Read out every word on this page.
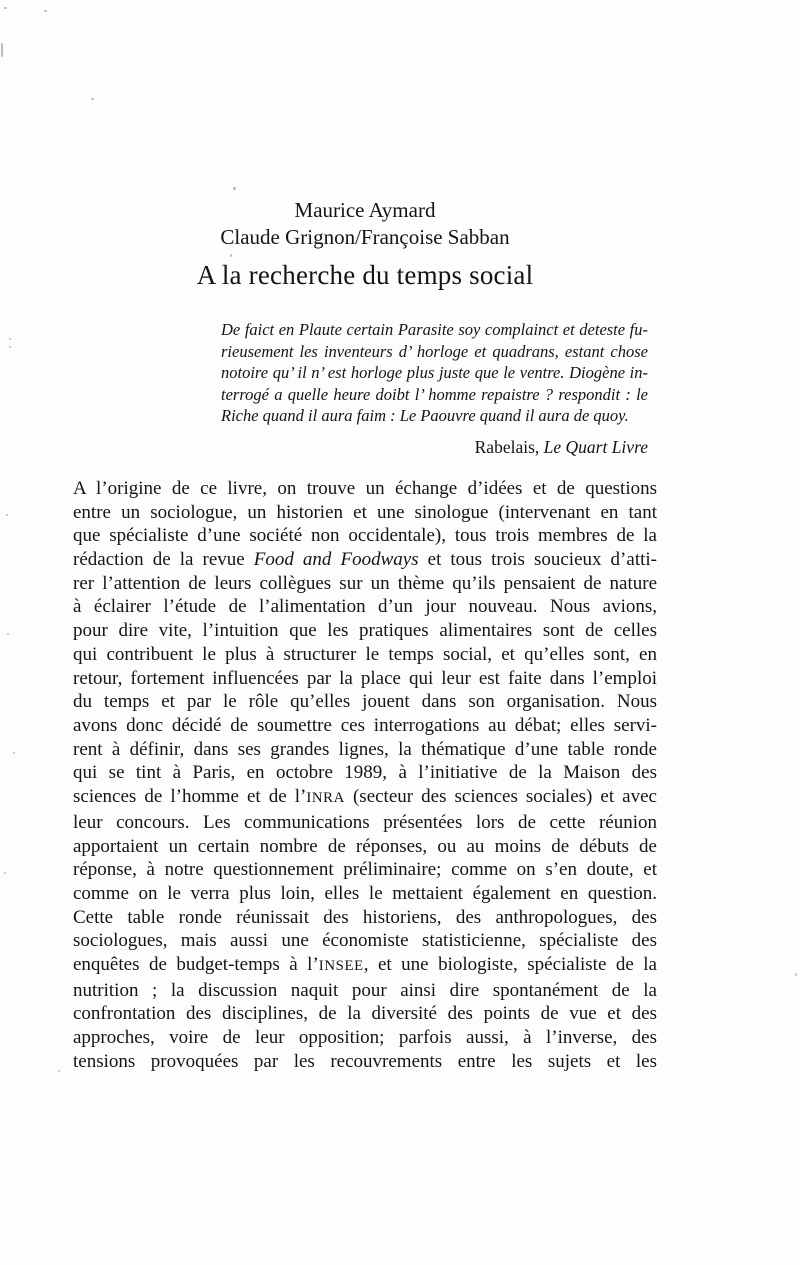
Maurice Aymard
Claude Grignon/Françoise Sabban
A la recherche du temps social
De faict en Plaute certain Parasite soy complainct et deteste fu-
rieusement les inventeurs d’ horloge et quadrans, estant chose
notoire qu’ il n’ est horloge plus juste que le ventre. Diogène in-
terrogé a quelle heure doibt l’ homme repaistre ? respondit : le
Riche quand il aura faim : Le Paouvre quand il aura de quoy.
Rabelais, Le Quart Livre
A l’origine de ce livre, on trouve un échange d’idées et de questions
entre un sociologue, un historien et une sinologue (intervenant en tant
que spécialiste d’une société non occidentale), tous trois membres de la
rédaction de la revue Food and Foodways et tous trois soucieux d’atti-
rer l’attention de leurs collègues sur un thème qu’ils pensaient de nature
à éclairer l’étude de l’alimentation d’un jour nouveau. Nous avions,
pour dire vite, l’intuition que les pratiques alimentaires sont de celles
qui contribuent le plus à structurer le temps social, et qu’elles sont, en
retour, fortement influencées par la place qui leur est faite dans l’emploi
du temps et par le rôle qu’elles jouent dans son organisation. Nous
avons donc décidé de soumettre ces interrogations au débat; elles servi-
rent à définir, dans ses grandes lignes, la thématique d’une table ronde
qui se tint à Paris, en octobre 1989, à l’initiative de la Maison des
sciences de l’homme et de l’INRA (secteur des sciences sociales) et avec
leur concours. Les communications présentées lors de cette réunion
apportaient un certain nombre de réponses, ou au moins de débuts de
réponse, à notre questionnement préliminaire; comme on s’en doute, et
comme on le verra plus loin, elles le mettaient également en question.
Cette table ronde réunissait des historiens, des anthropologues, des
sociologues, mais aussi une économiste statisticienne, spécialiste des
enquêtes de budget-temps à l’INSEE, et une biologiste, spécialiste de la
nutrition ; la discussion naquit pour ainsi dire spontanément de la
confrontation des disciplines, de la diversité des points de vue et des
approches, voire de leur opposition; parfois aussi, à l’inverse, des
tensions provoquées par les recouvrements entre les sujets et les
